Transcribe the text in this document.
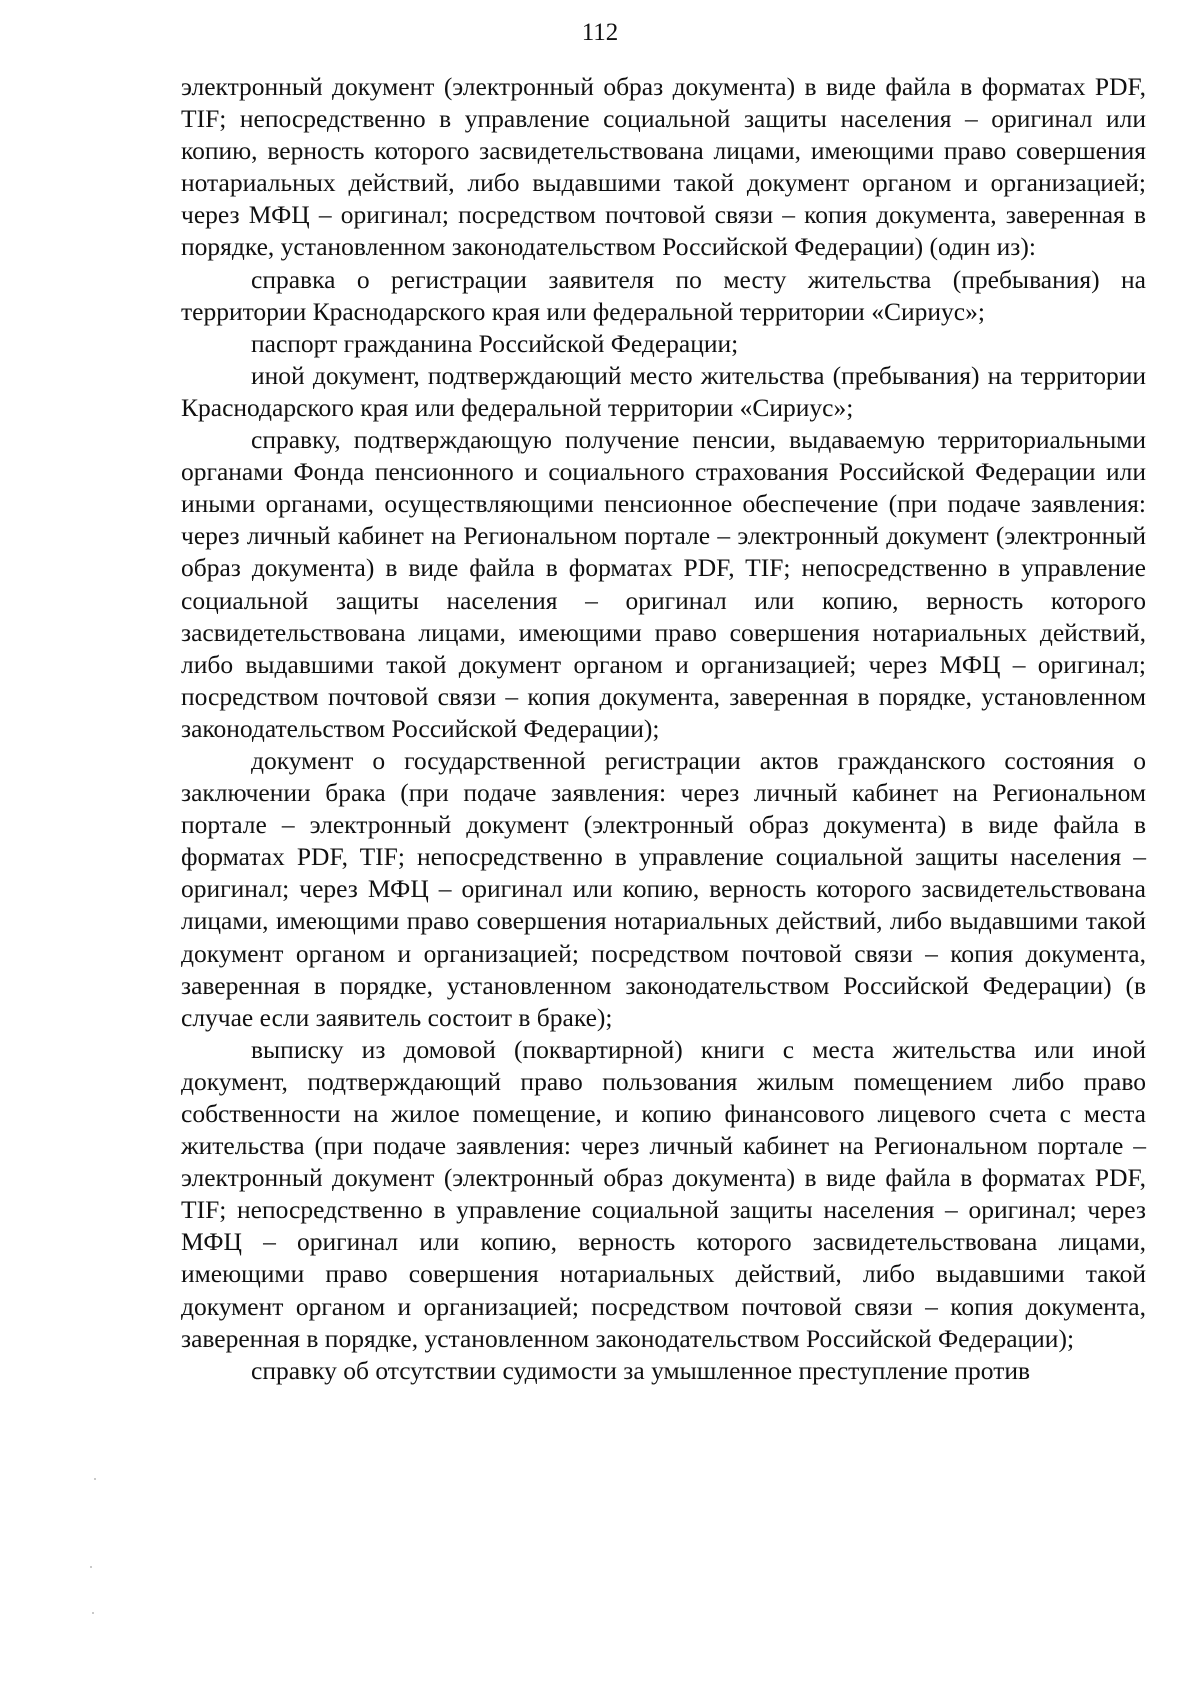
112

электронный документ (электронный образ документа) в виде файла в форматах PDF, TIF; непосредственно в управление социальной защиты населения – оригинал или копию, верность которого засвидетельствована лицами, имеющими право совершения нотариальных действий, либо выдавшими такой документ органом и организацией; через МФЦ – оригинал; посредством почтовой связи – копия документа, заверенная в порядке, установленном законодательством Российской Федерации) (один из):

справка о регистрации заявителя по месту жительства (пребывания) на территории Краснодарского края или федеральной территории «Сириус»;

паспорт гражданина Российской Федерации;

иной документ, подтверждающий место жительства (пребывания) на территории Краснодарского края или федеральной территории «Сириус»;

справку, подтверждающую получение пенсии, выдаваемую территориальными органами Фонда пенсионного и социального страхования Российской Федерации или иными органами, осуществляющими пенсионное обеспечение (при подаче заявления: через личный кабинет на Региональном портале – электронный документ (электронный образ документа) в виде файла в форматах PDF, TIF; непосредственно в управление социальной защиты населения – оригинал или копию, верность которого засвидетельствована лицами, имеющими право совершения нотариальных действий, либо выдавшими такой документ органом и организацией; через МФЦ – оригинал; посредством почтовой связи – копия документа, заверенная в порядке, установленном законодательством Российской Федерации);

документ о государственной регистрации актов гражданского состояния о заключении брака (при подаче заявления: через личный кабинет на Региональном портале – электронный документ (электронный образ документа) в виде файла в форматах PDF, TIF; непосредственно в управление социальной защиты населения – оригинал; через МФЦ – оригинал или копию, верность которого засвидетельствована лицами, имеющими право совершения нотариальных действий, либо выдавшими такой документ органом и организацией; посредством почтовой связи – копия документа, заверенная в порядке, установленном законодательством Российской Федерации) (в случае если заявитель состоит в браке);

выписку из домовой (поквартирной) книги с места жительства или иной документ, подтверждающий право пользования жилым помещением либо право собственности на жилое помещение, и копию финансового лицевого счета с места жительства (при подаче заявления: через личный кабинет на Региональном портале – электронный документ (электронный образ документа) в виде файла в форматах PDF, TIF; непосредственно в управление социальной защиты населения – оригинал; через МФЦ – оригинал или копию, верность которого засвидетельствована лицами, имеющими право совершения нотариальных действий, либо выдавшими такой документ органом и организацией; посредством почтовой связи – копия документа, заверенная в порядке, установленном законодательством Российской Федерации);

справку об отсутствии судимости за умышленное преступление против
